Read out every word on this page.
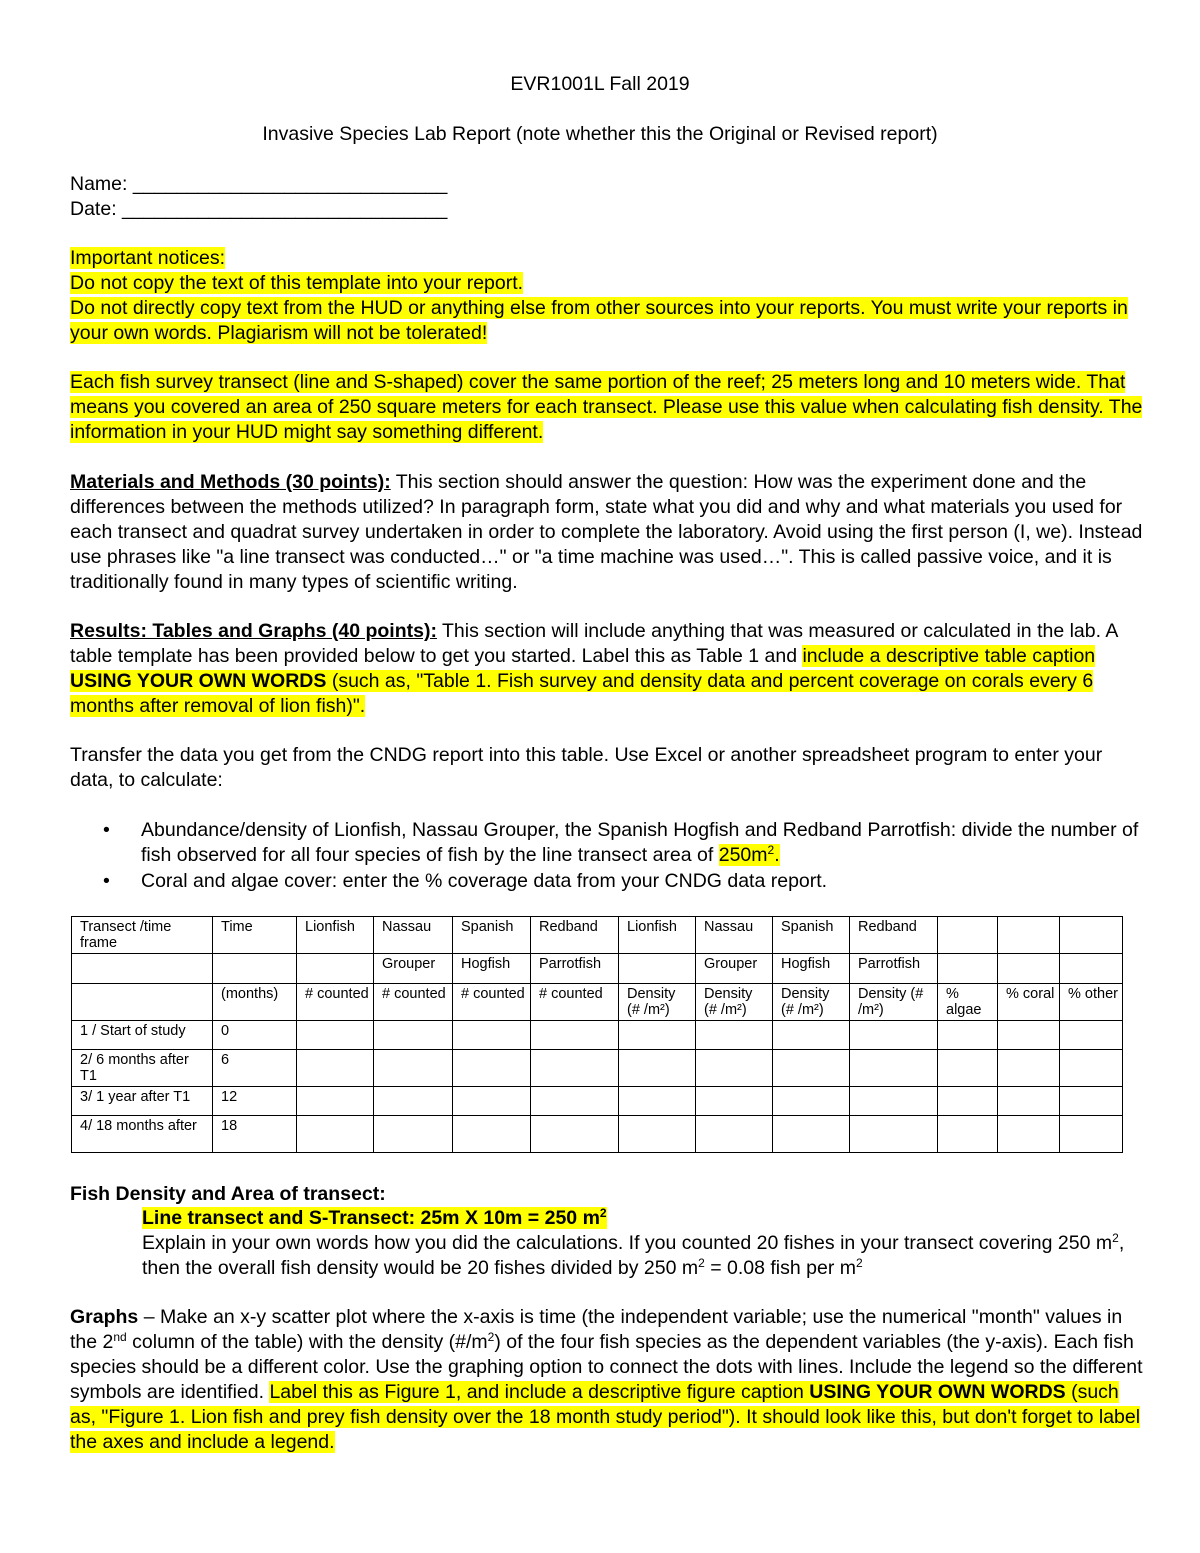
EVR1001L Fall 2019

Invasive Species Lab Report (note whether this the Original or Revised report)

Name: _____________________________

Date: ______________________________

Important notices:

Do not copy the text of this template into your report.

Do not directly copy text from the HUD or anything else from other sources into your reports. You must write your reports in your own words. Plagiarism will not be tolerated!

Each fish survey transect (line and S-shaped) cover the same portion of the reef; 25 meters long and 10 meters wide. That means you covered an area of 250 square meters for each transect. Please use this value when calculating fish density. The information in your HUD might say something different.

Materials and Methods (30 points): This section should answer the question: How was the experiment done and the differences between the methods utilized? In paragraph form, state what you did and why and what materials you used for each transect and quadrat survey undertaken in order to complete the laboratory. Avoid using the first person (I, we). Instead use phrases like "a line transect was conducted…" or "a time machine was used…". This is called passive voice, and it is traditionally found in many types of scientific writing.

Results: Tables and Graphs (40 points): This section will include anything that was measured or calculated in the lab. A table template has been provided below to get you started. Label this as Table 1 and include a descriptive table caption USING YOUR OWN WORDS (such as, "Table 1. Fish survey and density data and percent coverage on corals every 6 months after removal of lion fish)".

Transfer the data you get from the CNDG report into this table. Use Excel or another spreadsheet program to enter your data, to calculate:

• Abundance/density of Lionfish, Nassau Grouper, the Spanish Hogfish and Redband Parrotfish: divide the number of fish observed for all four species of fish by the line transect area of $250m^2$.
• Coral and algae cover: enter the % coverage data from your CNDG data report.
Transect /time frame	Time	Lionfish	Nassau	Spanish	Redband	Lionfish	Nassau	Spanish	Redband			
			Grouper	Hogfish	Parrotfish		Grouper	Hogfish	Parrotfish			
	(months)	# counted	# counted	# counted	# counted	Density (# /m²)	Density (# /m²)	Density (# /m²)	Density (# /m²)	% algae	% coral	% other
1 / Start of study	0											
2/ 6 months after T1	6											
3/ 1 year after T1	12											
4/ 18 months after	18											

Fish Density and Area of transect:

Line transect and S-Transect: 25m X 10m = 250 $m^2$

Explain in your own words how you did the calculations. If you counted 20 fishes in your transect covering 250 $m^2$, then the overall fish density would be 20 fishes divided by 250 $m^2 = 0.08$ fish per $m^2$

Graphs – Make an x-y scatter plot where the x-axis is time (the independent variable; use the numerical "month" values in the 2nd column of the table) with the density $(\#/m^2)$ of the four fish species as the dependent variables (the y-axis). Each fish species should be a different color. Use the graphing option to connect the dots with lines. Include the legend so the different symbols are identified. Label this as Figure 1, and include a descriptive figure caption USING YOUR OWN WORDS (such as, "Figure 1. Lion fish and prey fish density over the 18 month study period"). It should look like this, but don't forget to label the axes and include a legend.
